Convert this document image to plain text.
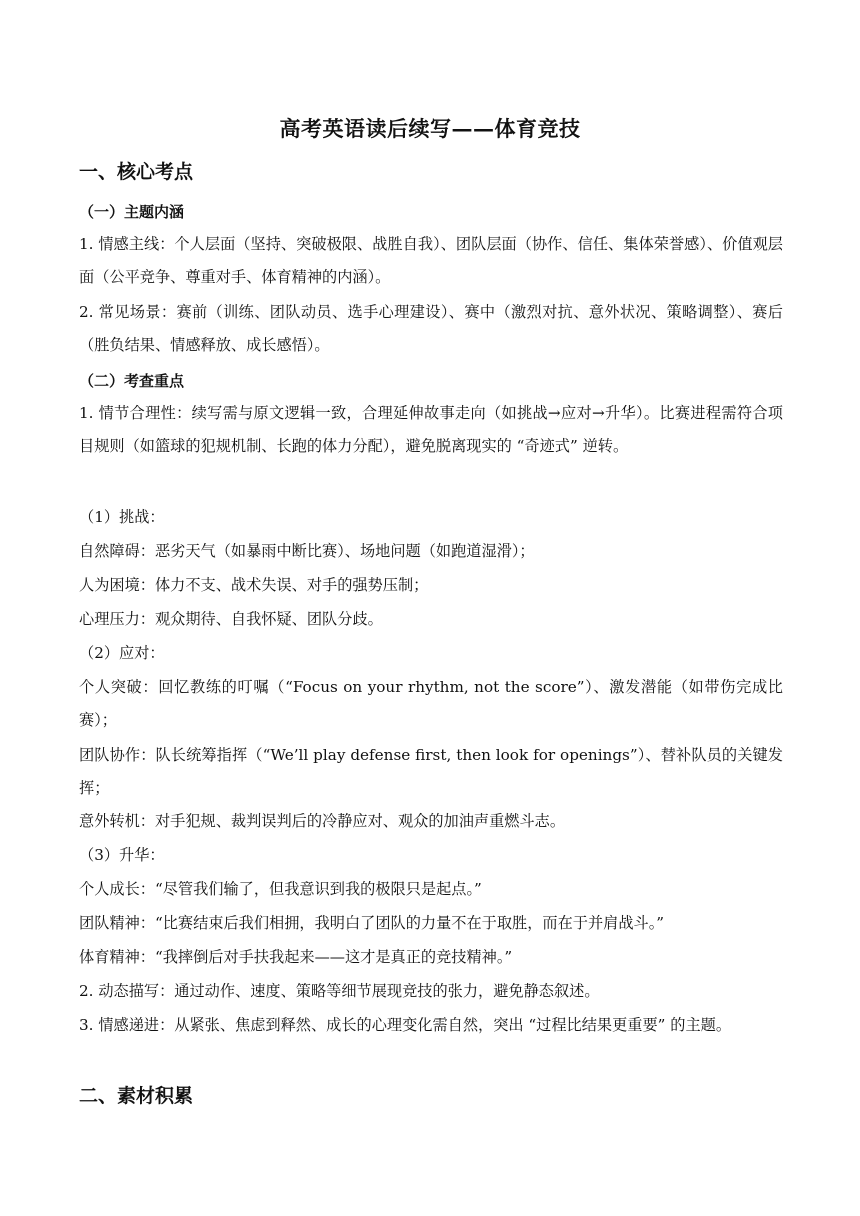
高考英语读后续写——体育竞技
一、核心考点
（一）主题内涵
1. 情感主线：个人层面（坚持、突破极限、战胜自我）、团队层面（协作、信任、集体荣誉感）、价值观层面（公平竞争、尊重对手、体育精神的内涵）。
2. 常见场景：赛前（训练、团队动员、选手心理建设）、赛中（激烈对抗、意外状况、策略调整）、赛后（胜负结果、情感释放、成长感悟）。
（二）考查重点
1. 情节合理性：续写需与原文逻辑一致，合理延伸故事走向（如挑战→应对→升华）。比赛进程需符合项目规则（如篮球的犯规机制、长跑的体力分配），避免脱离现实的 “奇迹式” 逆转。
（1）挑战：
自然障碍：恶劣天气（如暴雨中断比赛）、场地问题（如跑道湿滑）；
人为困境：体力不支、战术失误、对手的强势压制；
心理压力：观众期待、自我怀疑、团队分歧。
（2）应对：
个人突破：回忆教练的叮嘱（“Focus on your rhythm, not the score”）、激发潜能（如带伤完成比赛）；
团队协作：队长统筹指挥（“We’ll play defense first, then look for openings”）、替补队员的关键发挥；
意外转机：对手犯规、裁判误判后的冷静应对、观众的加油声重燃斗志。
（3）升华：
个人成长：“尽管我们输了，但我意识到我的极限只是起点。”
团队精神：“比赛结束后我们相拥，我明白了团队的力量不在于取胜，而在于并肩战斗。”
体育精神：“我摔倒后对手扶我起来——这才是真正的竞技精神。”
2. 动态描写：通过动作、速度、策略等细节展现竞技的张力，避免静态叙述。
3. 情感递进：从紧张、焦虑到释然、成长的心理变化需自然，突出 “过程比结果更重要” 的主题。
二、素材积累
